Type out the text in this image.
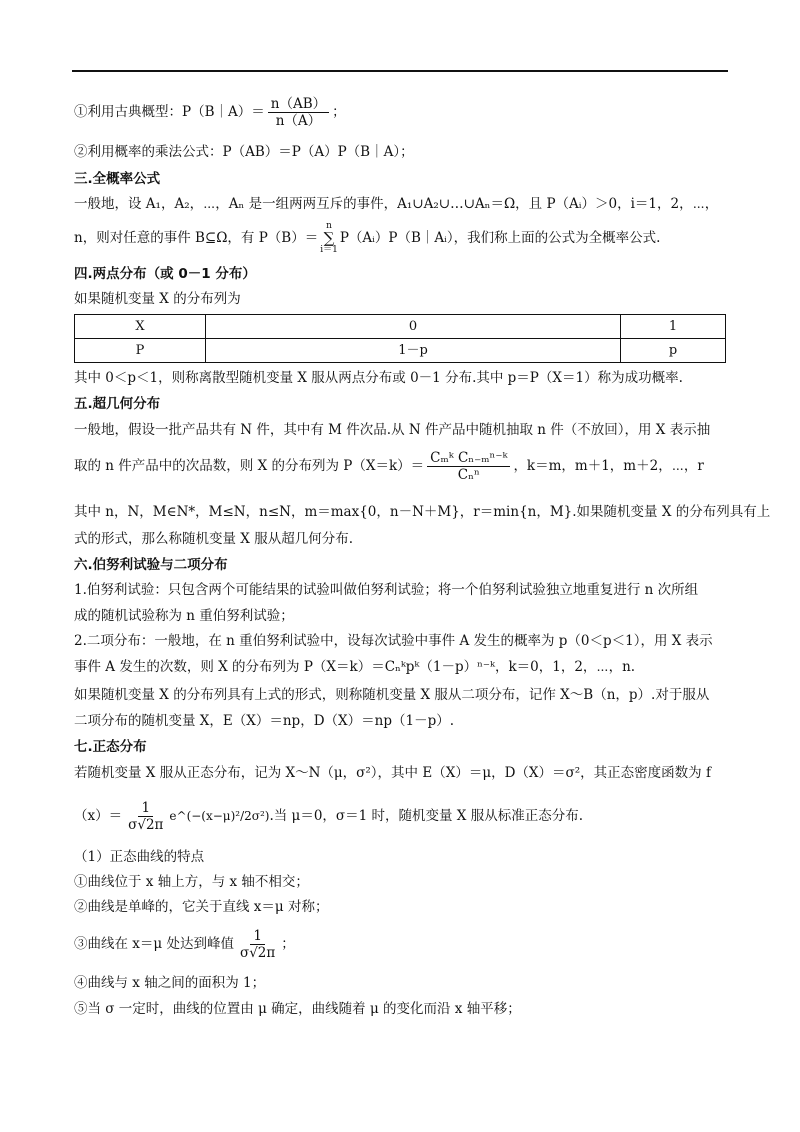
①利用古典概型：P（B｜A）＝ $\frac{n(AB)}{n(A)}$ ；
②利用概率的乘法公式：P（AB）＝P（A）P（B｜A）；
三.全概率公式
一般地，设 A₁，A₂，⋯，Aₙ 是一组两两互斥的事件，A₁∪A₂∪…∪Aₙ＝Ω，且 P（Aᵢ）＞0，i＝1，2，⋯，
n，则对任意的事件 B⊆Ω，有 P（B）＝
n
∑
i＝1
P（Aᵢ）P（B｜Aᵢ），我们称上面的公式为全概率公式.
四.两点分布（或 0－1 分布）
如果随机变量 X 的分布列为
X	0	1
P	1－p	p
其中 0＜p＜1，则称离散型随机变量 X 服从两点分布或 0－1 分布.其中 p＝P（X＝1）称为成功概率.
五.超几何分布
一般地，假设一批产品共有 N 件，其中有 M 件次品.从 N 件产品中随机抽取 n 件（不放回），用 X 表示抽
取的 n 件产品中的次品数，则 X 的分布列为 $P(X=k)= \frac{\text{Cₘᵏ Cₙ₋ₘⁿ⁻ᵏ}}{\text{Cₙⁿ}}$ ，k＝m，m＋1，m＋2，⋯，r
其中 n，N，M∈N*，M≤N，n≤N，m＝max{0，n－N＋M}，r＝min{n，M}.如果随机变量 X 的分布列具有上
式的形式，那么称随机变量 X 服从超几何分布.
六.伯努利试验与二项分布
1.伯努利试验：只包含两个可能结果的试验叫做伯努利试验；将一个伯努利试验独立地重复进行 n 次所组
成的随机试验称为 n 重伯努利试验；
2.二项分布：一般地，在 n 重伯努利试验中，设每次试验中事件 A 发生的概率为 p（0＜p＜1），用 X 表示
事件 A 发生的次数，则 X 的分布列为 P（X＝k）＝Cₙᵏpᵏ（1－p）ⁿ⁻ᵏ，k＝0，1，2，⋯，n.
如果随机变量 X 的分布列具有上式的形式，则称随机变量 X 服从二项分布，记作 X～B（n，p）.对于服从
二项分布的随机变量 X，E（X）＝np，D（X）＝np（1－p）.
七.正态分布
若随机变量 X 服从正态分布，记为 X～N（μ，σ²），其中 E（X）＝μ，D（X）＝σ²，其正态密度函数为 f
$(x)= \frac{1}{\sigma√2\pi}$ e^(−(x−μ)²/2σ²).当 μ＝0，σ＝1 时，随机变量 X 服从标准正态分布.
（1）正态曲线的特点
①曲线位于 x 轴上方，与 x 轴不相交；
②曲线是单峰的，它关于直线 x＝μ 对称；
③曲线在 x＝μ 处达到峰值 $\frac{1}{\sigma√2\pi}$ ；
④曲线与 x 轴之间的面积为 1；
⑤当 σ 一定时，曲线的位置由 μ 确定，曲线随着 μ 的变化而沿 x 轴平移；
